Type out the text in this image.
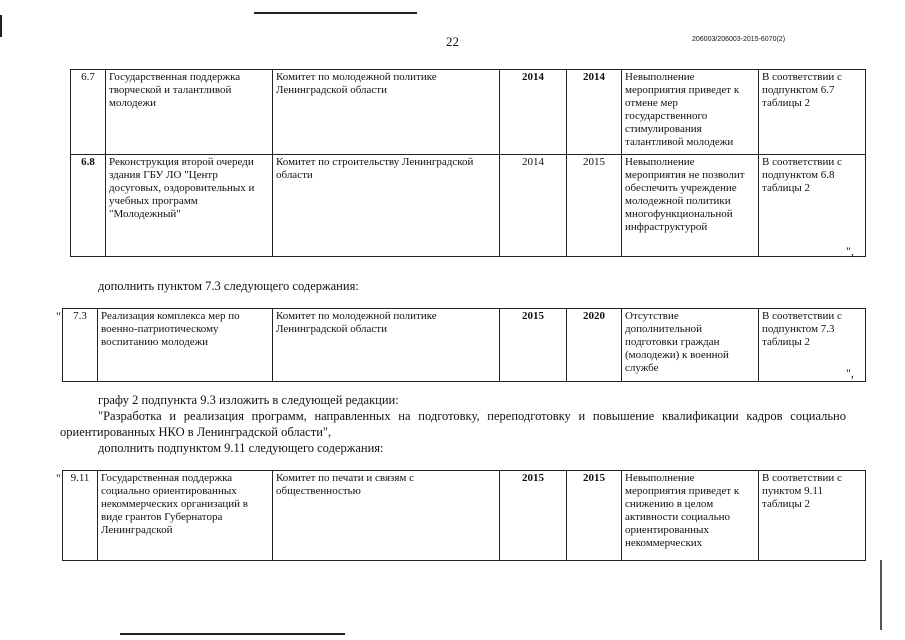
22	206003/206003-2015-6070(2)
6.7	Государственная поддержка творческой и талантливой молодежи	Комитет по молодежной политике Ленинградской области	2014	2014	Невыполнение мероприятия приведет к отмене мер государственного стимулирования талантливой молодежи	В соответствии с подпунктом 6.7 таблицы 2
6.8	Реконструкция второй очереди здания ГБУ ЛО "Центр досуговых, оздоровительных и учебных программ "Молодежный"	Комитет по строительству Ленинградской области	2014	2015	Невыполнение мероприятия не позволит обеспечить учреждение молодежной политики многофункциональной инфраструктурой	В соответствии с подпунктом 6.8 таблицы 2
",
дополнить пунктом 7.3 следующего содержания:
" 7.3	Реализация комплекса мер по военно-патриотическому воспитанию молодежи	Комитет по молодежной политике Ленинградской области	2015	2020	Отсутствие дополнительной подготовки граждан (молодежи) к военной службе	В соответствии с подпунктом 7.3 таблицы 2
",
графу 2 подпункта 9.3 изложить в следующей редакции:
"Разработка и реализация программ, направленных на подготовку, переподготовку и повышение квалификации кадров социально ориентированных НКО в Ленинградской области",
дополнить подпунктом 9.11 следующего содержания:
" 9.11	Государственная поддержка социально ориентированных некоммерческих организаций в виде грантов Губернатора Ленинградской	Комитет по печати и связям с общественностью	2015	2015	Невыполнение мероприятия приведет к снижению в целом активности социально ориентированных некоммерческих	В соответствии с пунктом 9.11 таблицы 2
